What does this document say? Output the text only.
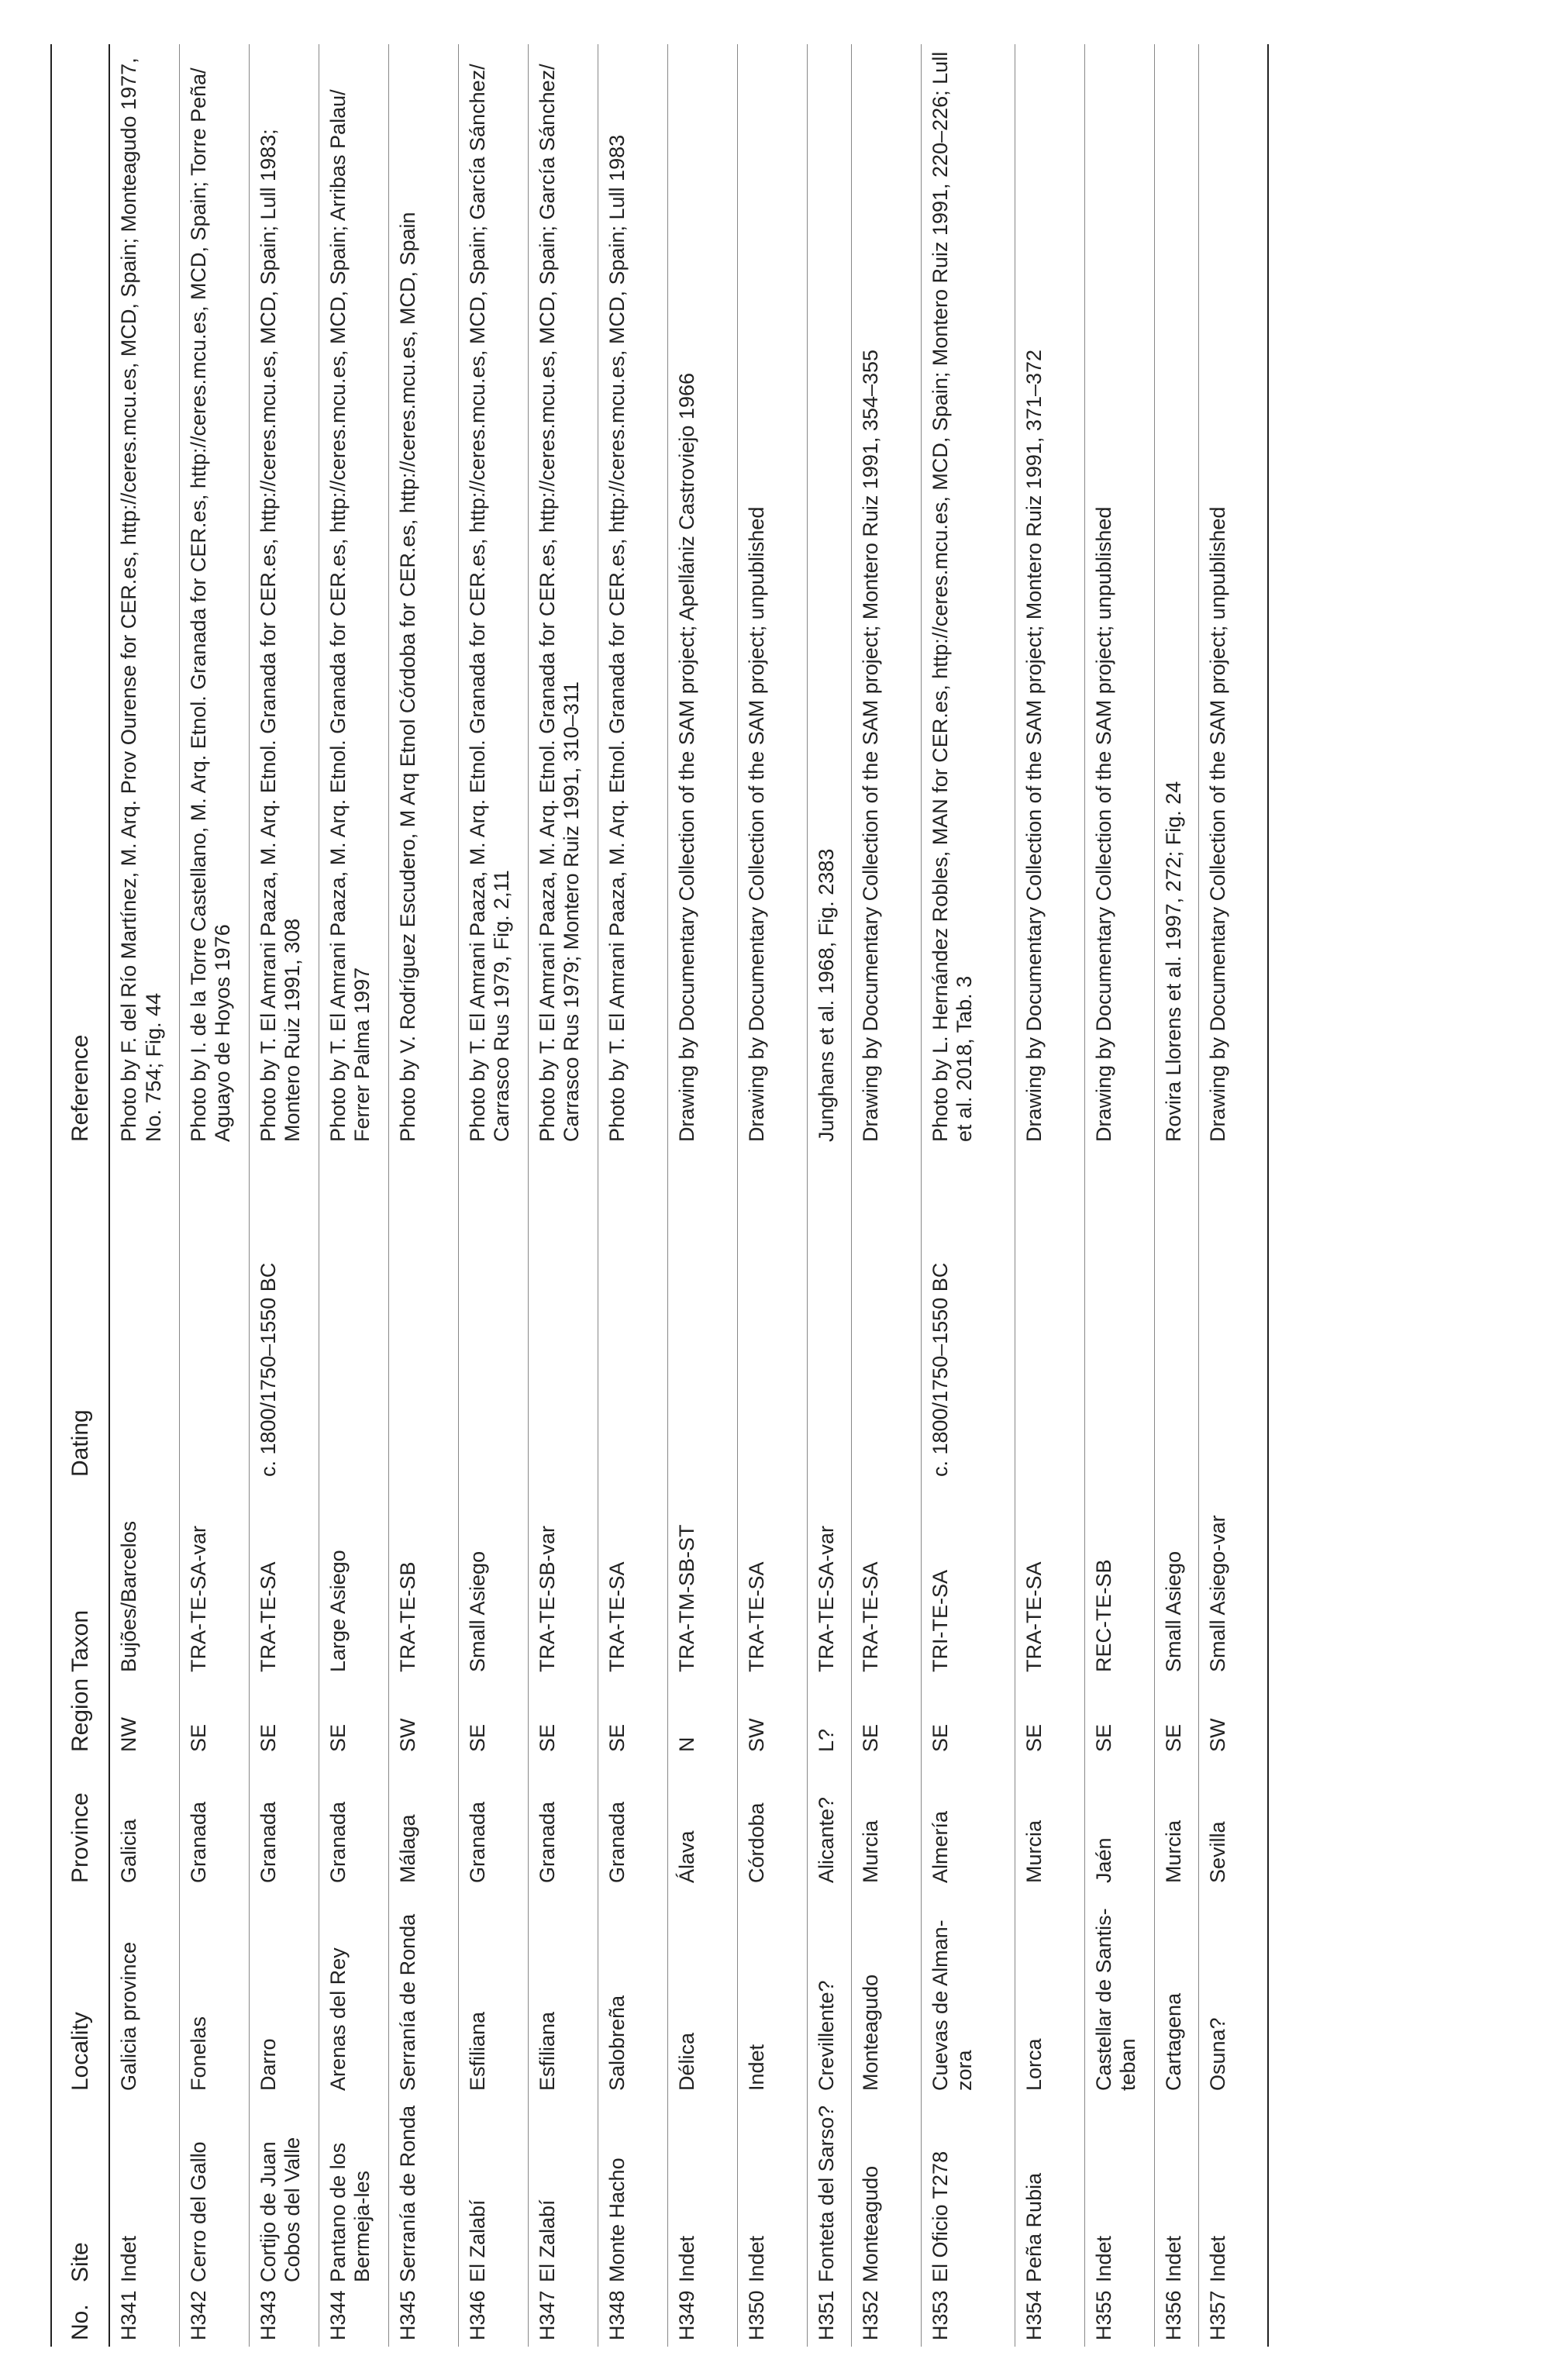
No.	Site	Locality	Province	Region	Taxon	Dating	Reference
H341	Indet	Galicia province	Galicia	NW	Bujões/Barcelos		Photo by F. del Río Martínez, M. Arq. Prov Ourense for CER.es, http://ceres.mcu.es, MCD, Spain; Monteagudo 1977, No. 754; Fig. 44
H342	Cerro del Gallo	Fonelas	Granada	SE	TRA-TE-SA-var		Photo by I. de la Torre Castellano, M. Arq. Etnol. Granada for CER.es, http://ceres.mcu.es, MCD, Spain; Torre Peña/ Aguayo de Hoyos 1976
H343	Cortijo de Juan Cobos del Valle	Darro	Granada	SE	TRA-TE-SA	c. 1800/1750–1550 BC	Photo by T. El Amrani Paaza, M. Arq. Etnol. Granada for CER.es, http://ceres.mcu.es, MCD, Spain; Lull 1983; Montero Ruiz 1991, 308
H344	Pantano de los Bermeja-les	Arenas del Rey	Granada	SE	Large Asiego		Photo by T. El Amrani Paaza, M. Arq. Etnol. Granada for CER.es, http://ceres.mcu.es, MCD, Spain; Arribas Palau/ Ferrer Palma 1997
H345	Serranía de Ronda	Serranía de Ronda	Málaga	SW	TRA-TE-SB		Photo by V. Rodríguez Escudero, M Arq Etnol Córdoba for CER.es, http://ceres.mcu.es, MCD, Spain
H346	El Zalabí	Esfiliana	Granada	SE	Small Asiego		Photo by T. El Amrani Paaza, M. Arq. Etnol. Granada for CER.es, http://ceres.mcu.es, MCD, Spain; García Sánchez/ Carrasco Rus 1979, Fig. 2,11
H347	El Zalabí	Esfiliana	Granada	SE	TRA-TE-SB-var		Photo by T. El Amrani Paaza, M. Arq. Etnol. Granada for CER.es, http://ceres.mcu.es, MCD, Spain; García Sánchez/ Carrasco Rus 1979; Montero Ruiz 1991, 310–311
H348	Monte Hacho	Salobreña	Granada	SE	TRA-TE-SA		Photo by T. El Amrani Paaza, M. Arq. Etnol. Granada for CER.es, http://ceres.mcu.es, MCD, Spain; Lull 1983
H349	Indet	Délica	Álava	N	TRA-TM-SB-ST		Drawing by Documentary Collection of the SAM project; Apellániz Castroviejo 1966
H350	Indet	Indet	Córdoba	SW	TRA-TE-SA		Drawing by Documentary Collection of the SAM project; unpublished
H351	Fonteta del Sarso?	Crevillente?	Alicante?	L?	TRA-TE-SA-var		Junghans et al. 1968, Fig. 2383
H352	Monteagudo	Monteagudo	Murcia	SE	TRA-TE-SA		Drawing by Documentary Collection of the SAM project; Montero Ruiz 1991, 354–355
H353	El Oficio T278	Cuevas de Alman-zora	Almería	SE	TRI-TE-SA	c. 1800/1750–1550 BC	Photo by L. Hernández Robles, MAN for CER.es, http://ceres.mcu.es, MCD, Spain; Montero Ruiz 1991, 220–226; Lull et al. 2018, Tab. 3
H354	Peña Rubia	Lorca	Murcia	SE	TRA-TE-SA		Drawing by Documentary Collection of the SAM project; Montero Ruiz 1991, 371–372
H355	Indet	Castellar de Santis-teban	Jaén	SE	REC-TE-SB		Drawing by Documentary Collection of the SAM project; unpublished
H356	Indet	Cartagena	Murcia	SE	Small Asiego		Rovira Llorens et al. 1997, 272; Fig. 24
H357	Indet	Osuna?	Sevilla	SW	Small Asiego-var		Drawing by Documentary Collection of the SAM project; unpublished
